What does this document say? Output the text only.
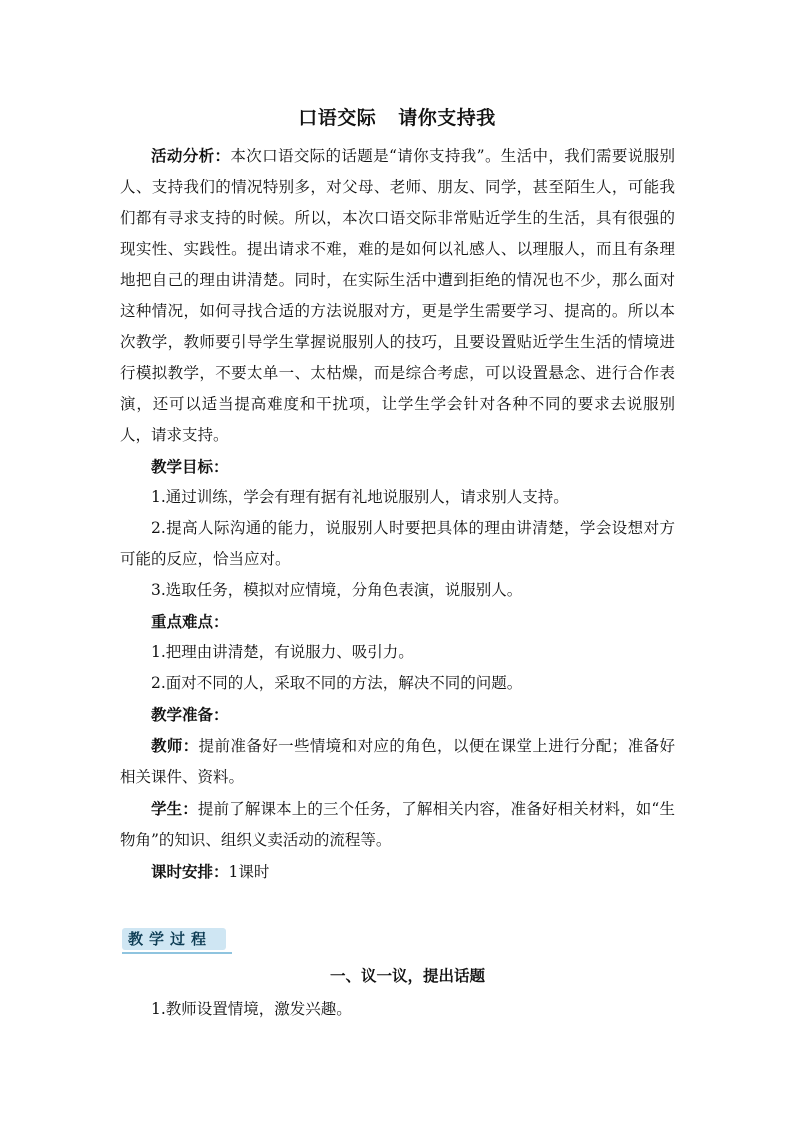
口语交际 请你支持我

活动分析：本次口语交际的话题是“请你支持我”。生活中，我们需要说服别人、支持我们的情况特别多，对父母、老师、朋友、同学，甚至陌生人，可能我们都有寻求支持的时候。所以，本次口语交际非常贴近学生的生活，具有很强的现实性、实践性。提出请求不难，难的是如何以礼感人、以理服人，而且有条理地把自己的理由讲清楚。同时，在实际生活中遭到拒绝的情况也不少，那么面对这种情况，如何寻找合适的方法说服对方，更是学生需要学习、提高的。所以本次教学，教师要引导学生掌握说服别人的技巧，且要设置贴近学生生活的情境进行模拟教学，不要太单一、太枯燥，而是综合考虑，可以设置悬念、进行合作表演，还可以适当提高难度和干扰项，让学生学会针对各种不同的要求去说服别人，请求支持。

教学目标：

1.通过训练，学会有理有据有礼地说服别人，请求别人支持。

2.提高人际沟通的能力，说服别人时要把具体的理由讲清楚，学会设想对方可能的反应，恰当应对。

3.选取任务，模拟对应情境，分角色表演，说服别人。

重点难点：

1.把理由讲清楚，有说服力、吸引力。

2.面对不同的人，采取不同的方法，解决不同的问题。

教学准备：

教师：提前准备好一些情境和对应的角色，以便在课堂上进行分配；准备好相关课件、资料。

学生：提前了解课本上的三个任务，了解相关内容，准备好相关材料，如“生物角”的知识、组织义卖活动的流程等。

课时安排：1课时

教学过程
一、议一议，提出话题
1.教师设置情境，激发兴趣。
